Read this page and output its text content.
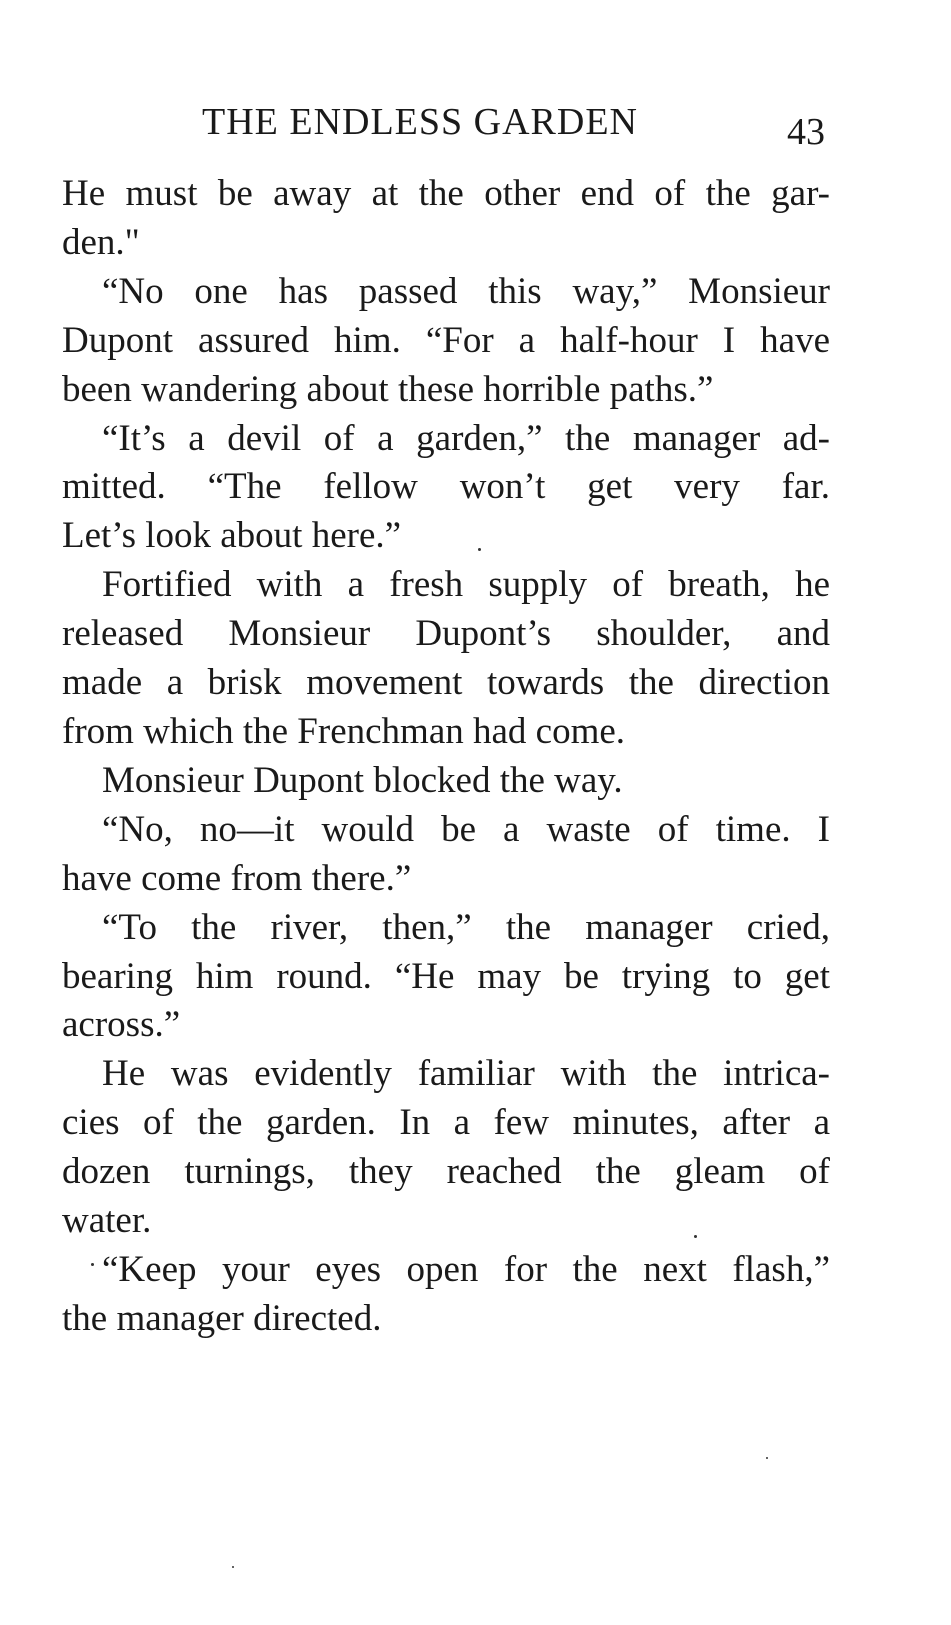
THE ENDLESS GARDEN	43

He must be away at the other end of the gar-
den."

“No one has passed this way,” Monsieur
Dupont assured him. “For a half-hour I have
been wandering about these horrible paths.”

“It’s a devil of a garden,” the manager ad-
mitted. “The fellow won’t get very far.
Let’s look about here.”

Fortified with a fresh supply of breath, he
released Monsieur Dupont’s shoulder, and
made a brisk movement towards the direction
from which the Frenchman had come.

Monsieur Dupont blocked the way.

“No, no—it would be a waste of time. I
have come from there.”

“To the river, then,” the manager cried,
bearing him round. “He may be trying to get
across.”

He was evidently familiar with the intrica-
cies of the garden. In a few minutes, after a
dozen turnings, they reached the gleam of
water.

“Keep your eyes open for the next flash,”
the manager directed.
